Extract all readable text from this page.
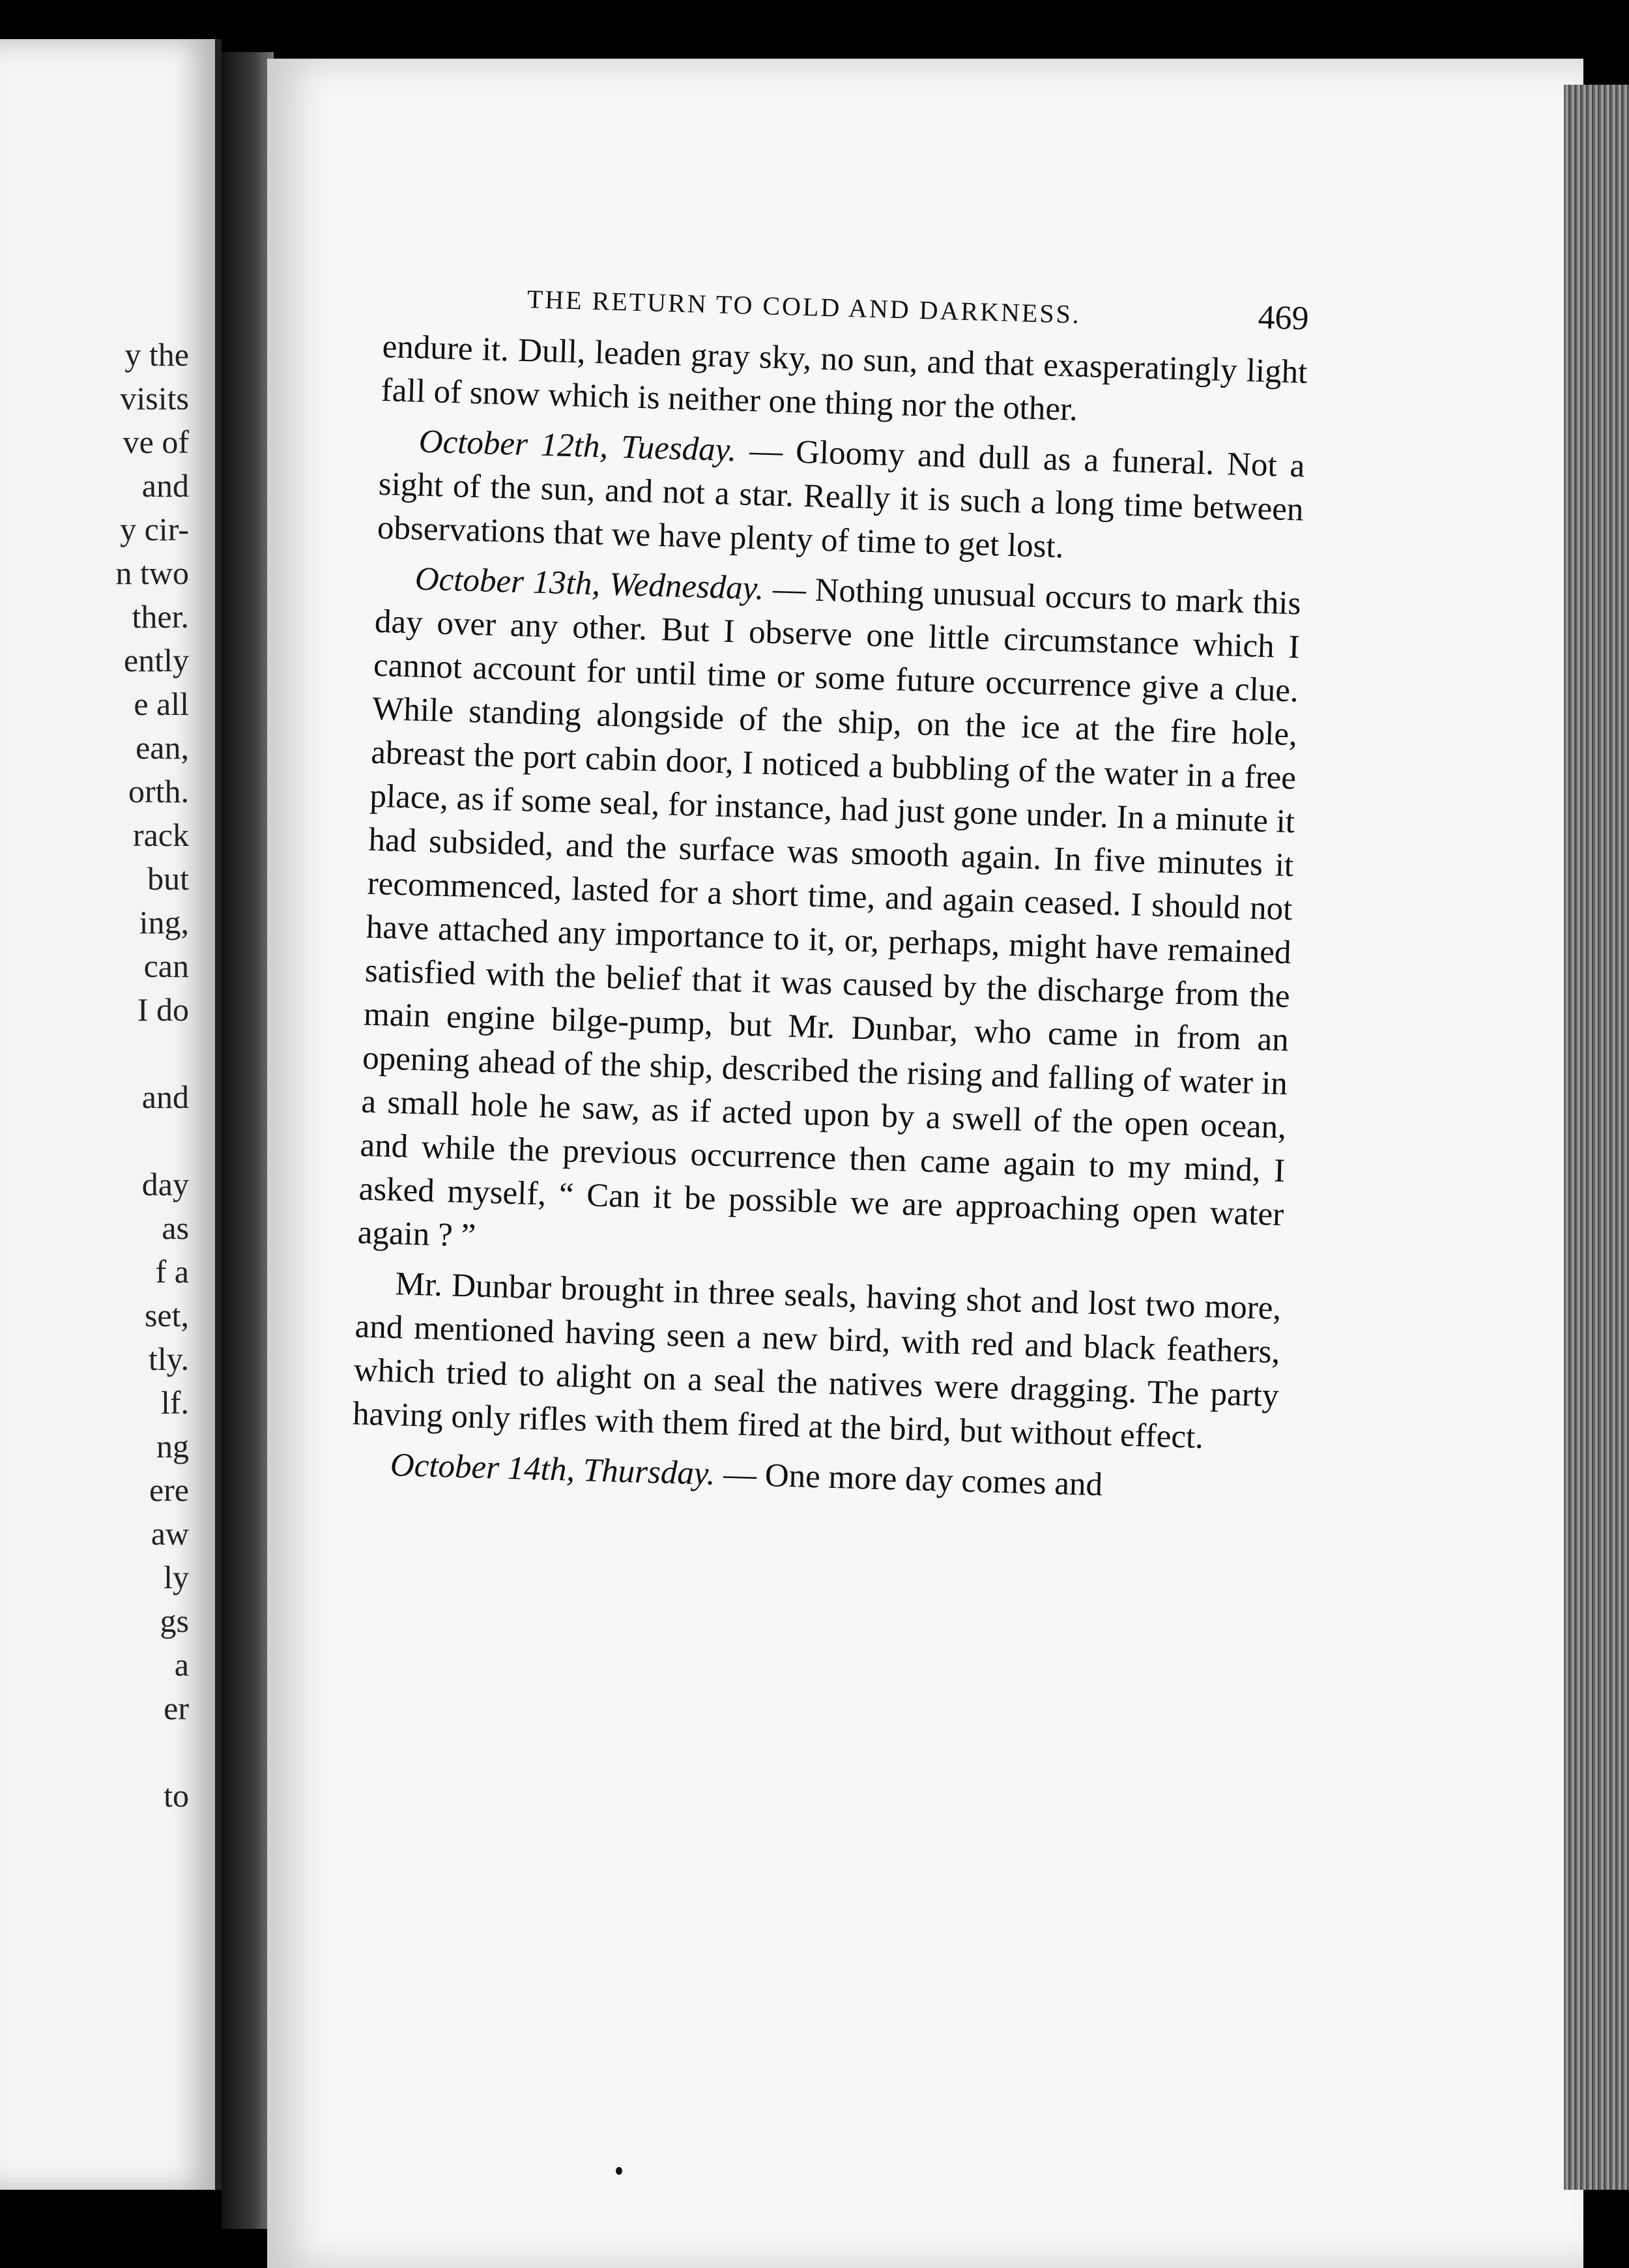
y the
visits
ve of
and
y cir-
n two
ther.
ently
e all
ean,
orth.
rack
but
ing,
can
I do
and
day
as
f a
set,
tly.
lf.
ng
ere
aw
ly
gs
a
er
to
THE RETURN TO COLD AND DARKNESS.	469

endure it. Dull, leaden gray sky, no sun, and that exasperatingly light fall of snow which is neither one thing nor the other.

October 12th, Tuesday. — Gloomy and dull as a funeral. Not a sight of the sun, and not a star. Really it is such a long time between observations that we have plenty of time to get lost.

October 13th, Wednesday. — Nothing unusual occurs to mark this day over any other. But I observe one little circumstance which I cannot account for until time or some future occurrence give a clue. While standing alongside of the ship, on the ice at the fire hole, abreast the port cabin door, I noticed a bubbling of the water in a free place, as if some seal, for instance, had just gone under. In a minute it had subsided, and the surface was smooth again. In five minutes it recommenced, lasted for a short time, and again ceased. I should not have attached any importance to it, or, perhaps, might have remained satisfied with the belief that it was caused by the discharge from the main engine bilge-pump, but Mr. Dunbar, who came in from an opening ahead of the ship, described the rising and falling of water in a small hole he saw, as if acted upon by a swell of the open ocean, and while the previous occurrence then came again to my mind, I asked myself, “ Can it be possible we are approaching open water again ? ”

Mr. Dunbar brought in three seals, having shot and lost two more, and mentioned having seen a new bird, with red and black feathers, which tried to alight on a seal the natives were dragging. The party having only rifles with them fired at the bird, but without effect.

October 14th, Thursday. — One more day comes and
